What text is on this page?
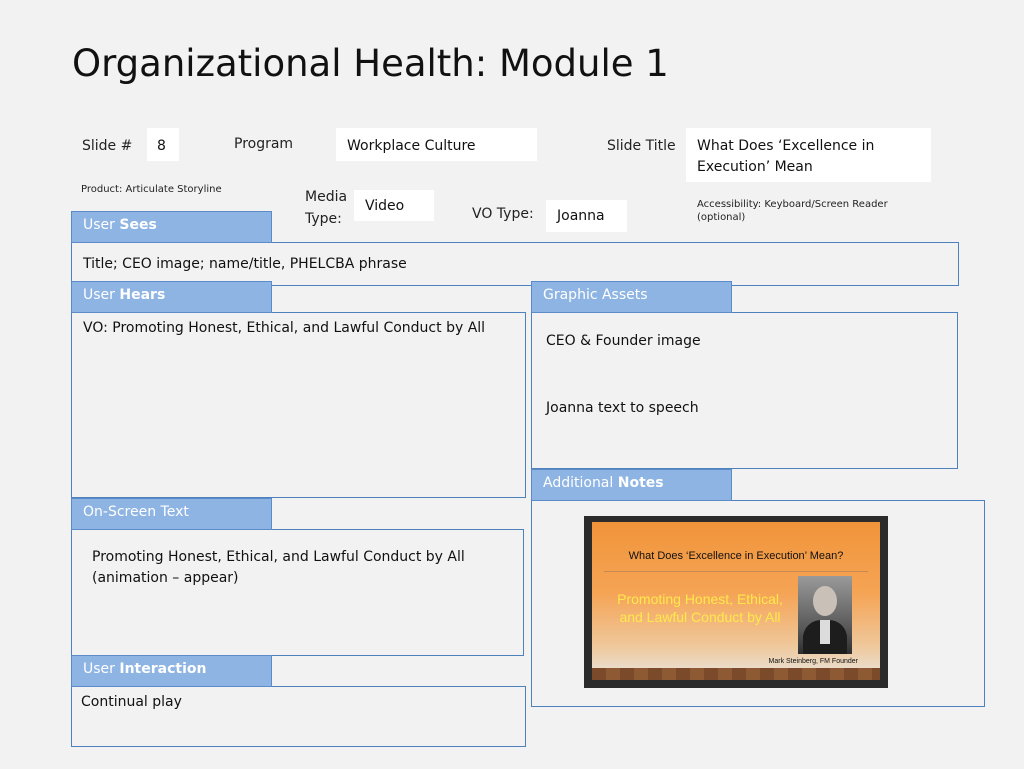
Organizational Health: Module 1
Slide #	8	Program	Workplace Culture	Slide Title	What Does ‘Excellence in Execution’ Mean
Product: Articulate Storyline	Media
Type:
Video	VO Type:	Joanna
Accessibility: Keyboard/Screen Reader (optional)
Title; CEO image; name/title, PHELCBA phrase
User Sees
VO: Promoting Honest, Ethical, and Lawful Conduct by All
User Hears
CEO & Founder image
Joanna text to speech
Graphic Assets
Additional Notes
What Does ‘Excellence in Execution’ Mean?
Promoting Honest, Ethical, and Lawful Conduct by All
Mark Steinberg, FM Founder
Promoting Honest, Ethical, and Lawful Conduct by All
(animation – appear)
On-Screen Text
Continual play
User Interaction
